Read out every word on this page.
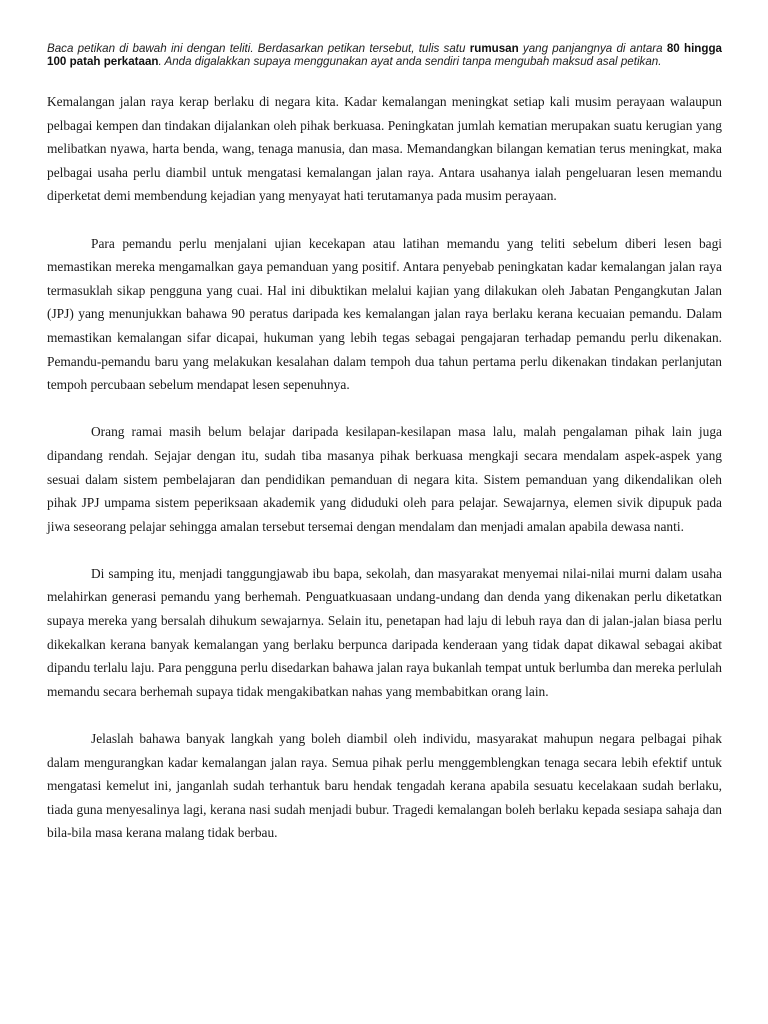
Baca petikan di bawah ini dengan teliti. Berdasarkan petikan tersebut, tulis satu rumusan yang panjangnya di antara 80 hingga 100 patah perkataan. Anda digalakkan supaya menggunakan ayat anda sendiri tanpa mengubah maksud asal petikan.

Kemalangan jalan raya kerap berlaku di negara kita. Kadar kemalangan meningkat setiap kali musim perayaan walaupun pelbagai kempen dan tindakan dijalankan oleh pihak berkuasa. Peningkatan jumlah kematian merupakan suatu kerugian yang melibatkan nyawa, harta benda, wang, tenaga manusia, dan masa. Memandangkan bilangan kematian terus meningkat, maka pelbagai usaha perlu diambil untuk mengatasi kemalangan jalan raya. Antara usahanya ialah pengeluaran lesen memandu diperketat demi membendung kejadian yang menyayat hati terutamanya pada musim perayaan.

Para pemandu perlu menjalani ujian kecekapan atau latihan memandu yang teliti sebelum diberi lesen bagi memastikan mereka mengamalkan gaya pemanduan yang positif. Antara penyebab peningkatan kadar kemalangan jalan raya termasuklah sikap pengguna yang cuai. Hal ini dibuktikan melalui kajian yang dilakukan oleh Jabatan Pengangkutan Jalan (JPJ) yang menunjukkan bahawa 90 peratus daripada kes kemalangan jalan raya berlaku kerana kecuaian pemandu. Dalam memastikan kemalangan sifar dicapai, hukuman yang lebih tegas sebagai pengajaran terhadap pemandu perlu dikenakan. Pemandu-pemandu baru yang melakukan kesalahan dalam tempoh dua tahun pertama perlu dikenakan tindakan perlanjutan tempoh percubaan sebelum mendapat lesen sepenuhnya.

Orang ramai masih belum belajar daripada kesilapan-kesilapan masa lalu, malah pengalaman pihak lain juga dipandang rendah. Sejajar dengan itu, sudah tiba masanya pihak berkuasa mengkaji secara mendalam aspek-aspek yang sesuai dalam sistem pembelajaran dan pendidikan pemanduan di negara kita. Sistem pemanduan yang dikendalikan oleh pihak JPJ umpama sistem peperiksaan akademik yang diduduki oleh para pelajar. Sewajarnya, elemen sivik dipupuk pada jiwa seseorang pelajar sehingga amalan tersebut tersemai dengan mendalam dan menjadi amalan apabila dewasa nanti.

Di samping itu, menjadi tanggungjawab ibu bapa, sekolah, dan masyarakat menyemai nilai-nilai murni dalam usaha melahirkan generasi pemandu yang berhemah. Penguatkuasaan undang-undang dan denda yang dikenakan perlu diketatkan supaya mereka yang bersalah dihukum sewajarnya. Selain itu, penetapan had laju di lebuh raya dan di jalan-jalan biasa perlu dikekalkan kerana banyak kemalangan yang berlaku berpunca daripada kenderaan yang tidak dapat dikawal sebagai akibat dipandu terlalu laju. Para pengguna perlu disedarkan bahawa jalan raya bukanlah tempat untuk berlumba dan mereka perlulah memandu secara berhemah supaya tidak mengakibatkan nahas yang membabitkan orang lain.

Jelaslah bahawa banyak langkah yang boleh diambil oleh individu, masyarakat mahupun negara pelbagai pihak dalam mengurangkan kadar kemalangan jalan raya. Semua pihak perlu menggemblengkan tenaga secara lebih efektif untuk mengatasi kemelut ini, janganlah sudah terhantuk baru hendak tengadah kerana apabila sesuatu kecelakaan sudah berlaku, tiada guna menyesalinya lagi, kerana nasi sudah menjadi bubur. Tragedi kemalangan boleh berlaku kepada sesiapa sahaja dan bila-bila masa kerana malang tidak berbau.
